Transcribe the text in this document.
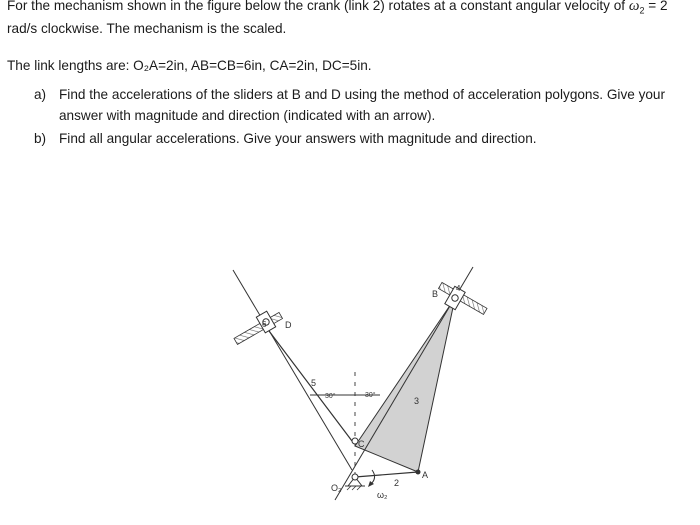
For the mechanism shown in the figure below the crank (link 2) rotates at a constant angular velocity of $\omega_2 = 2$
rad/s clockwise. The mechanism is the scaled.
The link lengths are: O₂A=2in, AB=CB=6in, CA=2in, DC=5in.
a) Find the accelerations of the sliders at B and D using the method of acceleration polygons. Give your
answer with magnitude and direction (indicated with an arrow).
b) Find all angular accelerations. Give your answers with magnitude and direction.
B
D
A
C
O₂
ω₂
2
3
4
5
6
30°	30°
